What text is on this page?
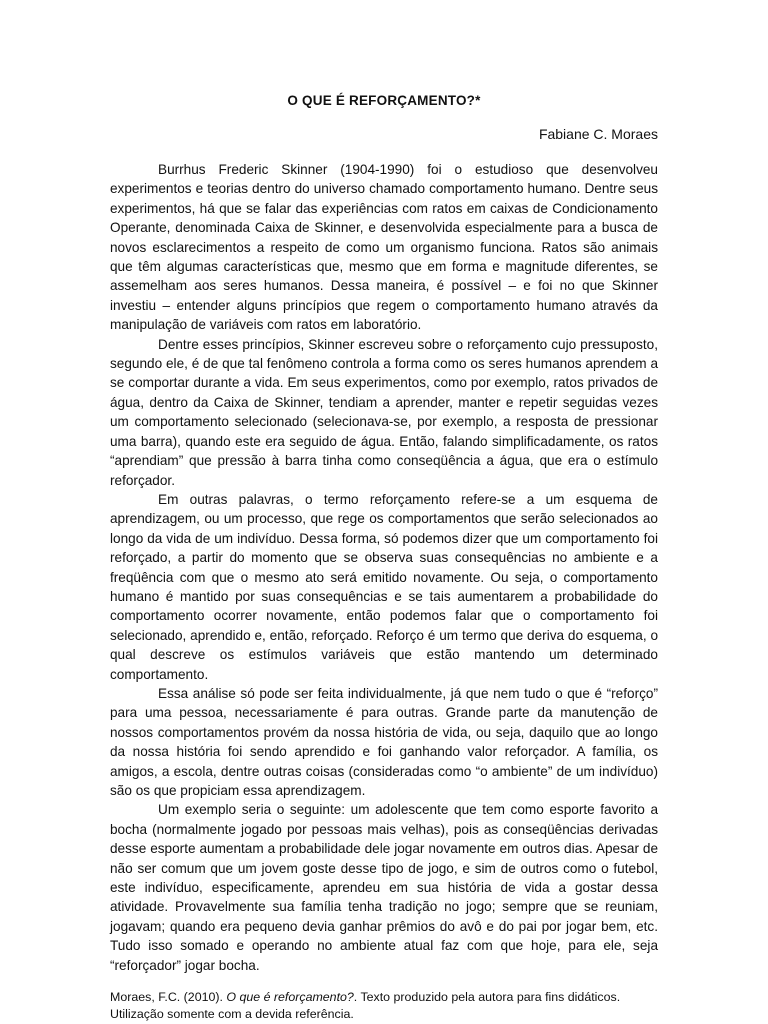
O QUE É REFORÇAMENTO?*
Fabiane C. Moraes

Burrhus Frederic Skinner (1904-1990) foi o estudioso que desenvolveu experimentos e teorias dentro do universo chamado comportamento humano. Dentre seus experimentos, há que se falar das experiências com ratos em caixas de Condicionamento Operante, denominada Caixa de Skinner, e desenvolvida especialmente para a busca de novos esclarecimentos a respeito de como um organismo funciona. Ratos são animais que têm algumas características que, mesmo que em forma e magnitude diferentes, se assemelham aos seres humanos. Dessa maneira, é possível – e foi no que Skinner investiu – entender alguns princípios que regem o comportamento humano através da manipulação de variáveis com ratos em laboratório.

Dentre esses princípios, Skinner escreveu sobre o reforçamento cujo pressuposto, segundo ele, é de que tal fenômeno controla a forma como os seres humanos aprendem a se comportar durante a vida. Em seus experimentos, como por exemplo, ratos privados de água, dentro da Caixa de Skinner, tendiam a aprender, manter e repetir seguidas vezes um comportamento selecionado (selecionava-se, por exemplo, a resposta de pressionar uma barra), quando este era seguido de água. Então, falando simplificadamente, os ratos “aprendiam” que pressão à barra tinha como conseqüência a água, que era o estímulo reforçador.

Em outras palavras, o termo reforçamento refere-se a um esquema de aprendizagem, ou um processo, que rege os comportamentos que serão selecionados ao longo da vida de um indivíduo. Dessa forma, só podemos dizer que um comportamento foi reforçado, a partir do momento que se observa suas consequências no ambiente e a freqüência com que o mesmo ato será emitido novamente. Ou seja, o comportamento humano é mantido por suas consequências e se tais aumentarem a probabilidade do comportamento ocorrer novamente, então podemos falar que o comportamento foi selecionado, aprendido e, então, reforçado. Reforço é um termo que deriva do esquema, o qual descreve os estímulos variáveis que estão mantendo um determinado comportamento.

Essa análise só pode ser feita individualmente, já que nem tudo o que é “reforço” para uma pessoa, necessariamente é para outras. Grande parte da manutenção de nossos comportamentos provém da nossa história de vida, ou seja, daquilo que ao longo da nossa história foi sendo aprendido e foi ganhando valor reforçador. A família, os amigos, a escola, dentre outras coisas (consideradas como “o ambiente” de um indivíduo) são os que propiciam essa aprendizagem.

Um exemplo seria o seguinte: um adolescente que tem como esporte favorito a bocha (normalmente jogado por pessoas mais velhas), pois as conseqüências derivadas desse esporte aumentam a probabilidade dele jogar novamente em outros dias. Apesar de não ser comum que um jovem goste desse tipo de jogo, e sim de outros como o futebol, este indivíduo, especificamente, aprendeu em sua história de vida a gostar dessa atividade. Provavelmente sua família tenha tradição no jogo; sempre que se reuniam, jogavam; quando era pequeno devia ganhar prêmios do avô e do pai por jogar bem, etc. Tudo isso somado e operando no ambiente atual faz com que hoje, para ele, seja “reforçador” jogar bocha.

Moraes, F.C. (2010). O que é reforçamento?. Texto produzido pela autora para fins didáticos.
Utilização somente com a devida referência.
